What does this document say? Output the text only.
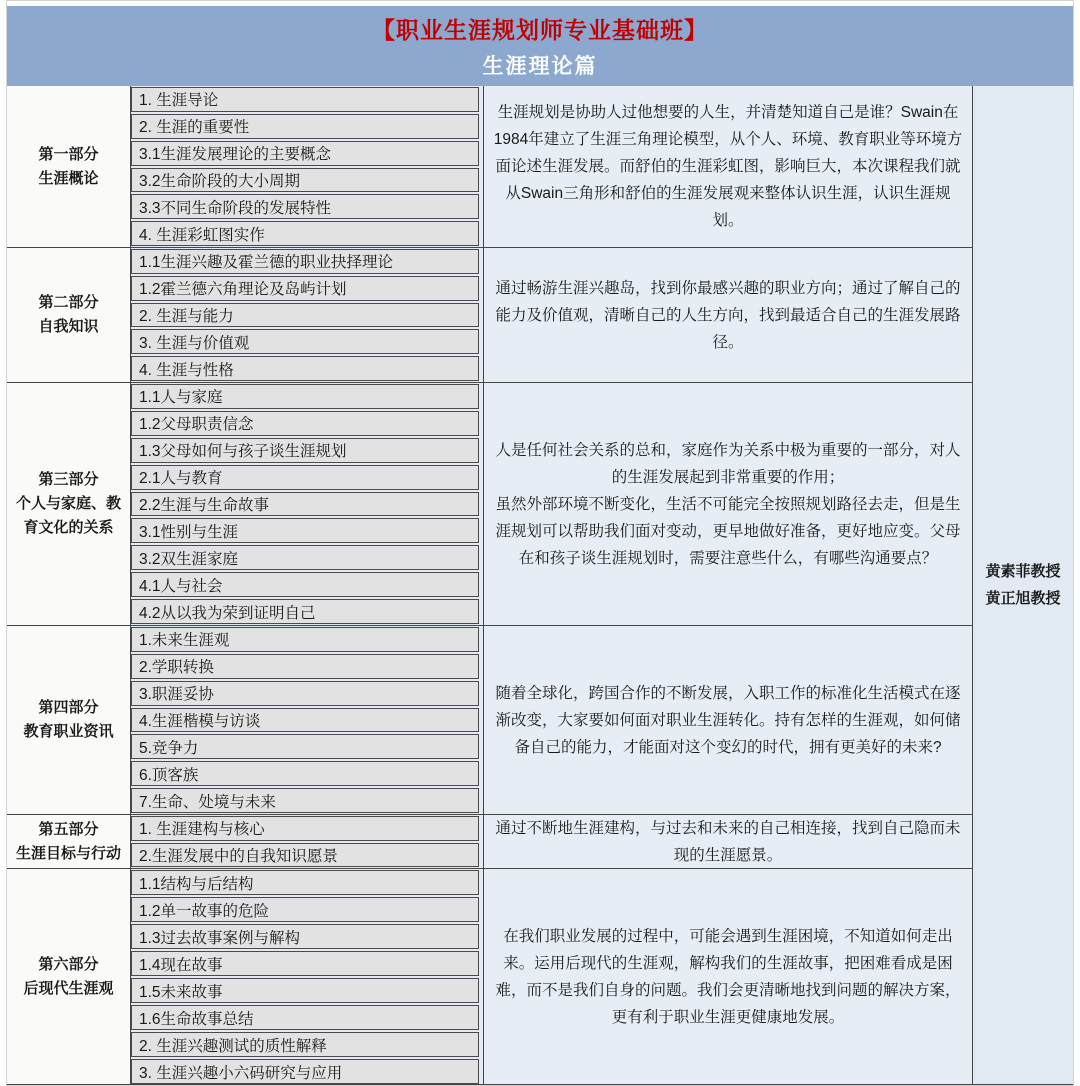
【职业生涯规划师专业基础班】
生涯理论篇
第一部分
生涯概论
1. 生涯导论
2. 生涯的重要性
3.1生涯发展理论的主要概念
3.2生命阶段的大小周期
3.3不同生命阶段的发展特性
4. 生涯彩虹图实作

生涯规划是协助人过他想要的人生，并清楚知道自己是谁？Swain在1984年建立了生涯三角理论模型，从个人、环境、教育职业等环境方面论述生涯发展。而舒伯的生涯彩虹图，影响巨大，本次课程我们就从Swain三角形和舒伯的生涯发展观来整体认识生涯，认识生涯规划。

第二部分
自我知识
1.1生涯兴趣及霍兰德的职业抉择理论
1.2霍兰德六角理论及岛屿计划
2. 生涯与能力
3. 生涯与价值观
4. 生涯与性格

通过畅游生涯兴趣岛，找到你最感兴趣的职业方向；通过了解自己的能力及价值观，清晰自己的人生方向，找到最适合自己的生涯发展路径。

第三部分
个人与家庭、教育文化的关系
1.1人与家庭
1.2父母职责信念
1.3父母如何与孩子谈生涯规划
2.1人与教育
2.2生涯与生命故事
3.1性别与生涯
3.2双生涯家庭
4.1人与社会
4.2从以我为荣到证明自己

人是任何社会关系的总和，家庭作为关系中极为重要的一部分，对人的生涯发展起到非常重要的作用；

虽然外部环境不断变化，生活不可能完全按照规划路径去走，但是生涯规划可以帮助我们面对变动，更早地做好准备，更好地应变。父母在和孩子谈生涯规划时，需要注意些什么，有哪些沟通要点？

第四部分
教育职业资讯
1.未来生涯观
2.学职转换
3.职涯妥协
4.生涯楷模与访谈
5.竞争力
6.顶客族
7.生命、处境与未来

随着全球化，跨国合作的不断发展，入职工作的标准化生活模式在逐渐改变，大家要如何面对职业生涯转化。持有怎样的生涯观，如何储备自己的能力，才能面对这个变幻的时代，拥有更美好的未来?

第五部分
生涯目标与行动
1. 生涯建构与核心
2.生涯发展中的自我知识愿景

通过不断地生涯建构，与过去和未来的自己相连接，找到自己隐而未现的生涯愿景。

第六部分
后现代生涯观
1.1结构与后结构
1.2单一故事的危险
1.3过去故事案例与解构
1.4现在故事
1.5未来故事
1.6生命故事总结
2. 生涯兴趣测试的质性解释
3. 生涯兴趣小六码研究与应用

在我们职业发展的过程中，可能会遇到生涯困境，不知道如何走出来。运用后现代的生涯观，解构我们的生涯故事，把困难看成是困难，而不是我们自身的问题。我们会更清晰地找到问题的解决方案，更有利于职业生涯更健康地发展。

黄素菲教授
黄正旭教授
